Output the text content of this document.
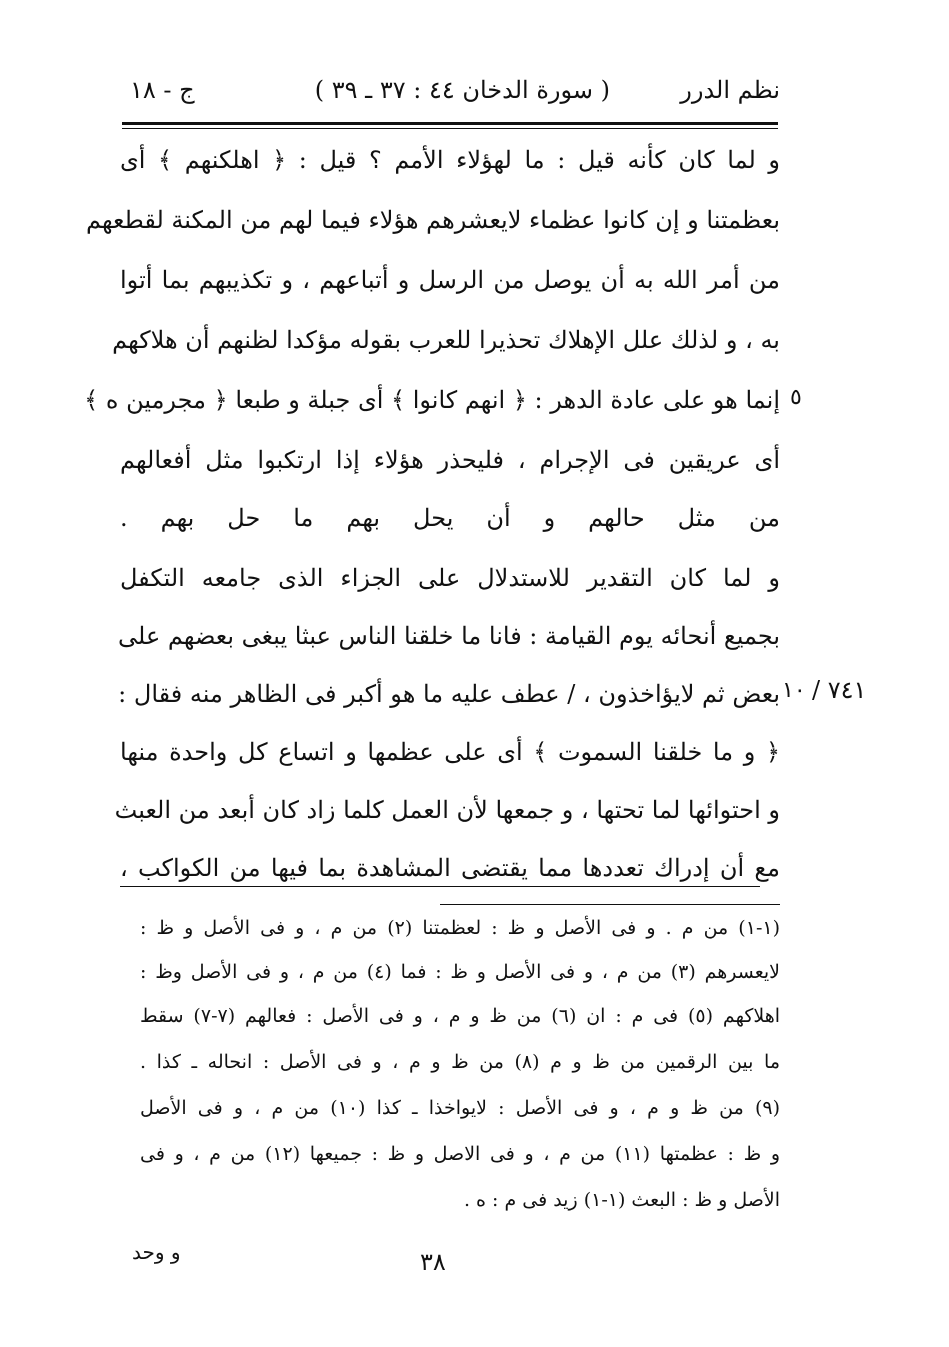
نظم الدرر
( سورة الدخان ٤٤ : ٣٧ ـ ٣٩ )
ج - ١٨
و لما كان كأنه قيل : ما لهؤلاء الأمم ؟ قيل : ﴿ اهلكنهم ﴾ أى
بعظمتنا و إن كانوا عظماء لايعشرهم هؤلاء فيما لهم من المكنة لقطعهم
من أمر الله به أن يوصل من الرسل و أتباعهم ، و تكذيبهم بما أتوا
به ، و لذلك علل الإهلاك تحذيرا للعرب بقوله مؤكدا لظنهم أن هلاكهم
إنما هو على عادة الدهر : ﴿ انهم كانوا ﴾ أى جبلة و طبعا ﴿ مجرمين ه ﴾
أى عريقين فى الإجرام ، فليحذر هؤلاء إذا ارتكبوا مثل أفعالهم
من مثل حالهم و أن يحل بهم ما حل بهم .
و لما كان التقدير للاستدلال على الجزاء الذى جامعه التكفل
بجميع أنحائه يوم القيامة : فانا ما خلقنا الناس عبثا يبغى بعضهم على
بعض ثم لايؤاخذون ، / عطف عليه ما هو أكبر فى الظاهر منه فقال :
﴿ و ما خلقنا السموت ﴾ أى على عظمها و اتساع كل واحدة منها
و احتوائها لما تحتها ، و جمعها لأن العمل كلما زاد كان أبعد من العبث
مع أن إدراك تعددها مما يقتضى المشاهدة بما فيها من الكواكب ،
٥
١٠ ٧٤١ /
(١-١) من م . و فى الأصل و ظ : لعظمتنا (٢) من م ، و فى الأصل و ظ :
لايعسرهم (٣) من م ، و فى الأصل و ظ : فما (٤) من م ، و فى الأصل وظ :
اهلاكهم (٥) فى م : ان (٦) من ظ و م ، و فى الأصل : فعالهم (٧-٧) سقط
ما بين الرقمين من ظ و م (٨) من ظ و م ، و فى الأصل : انحاله ـ كذا .
(٩) من ظ و م ، و فى الأصل : لايواخذا ـ كذا (١٠) من م ، و فى الأصل
و ظ : عظمتها (١١) من م ، و فى الاصل و ظ : جميعها (١٢) من م ، و فى
الأصل و ظ : البعث (١-١) زيد فى م : ه .
و وحد	٣٨
